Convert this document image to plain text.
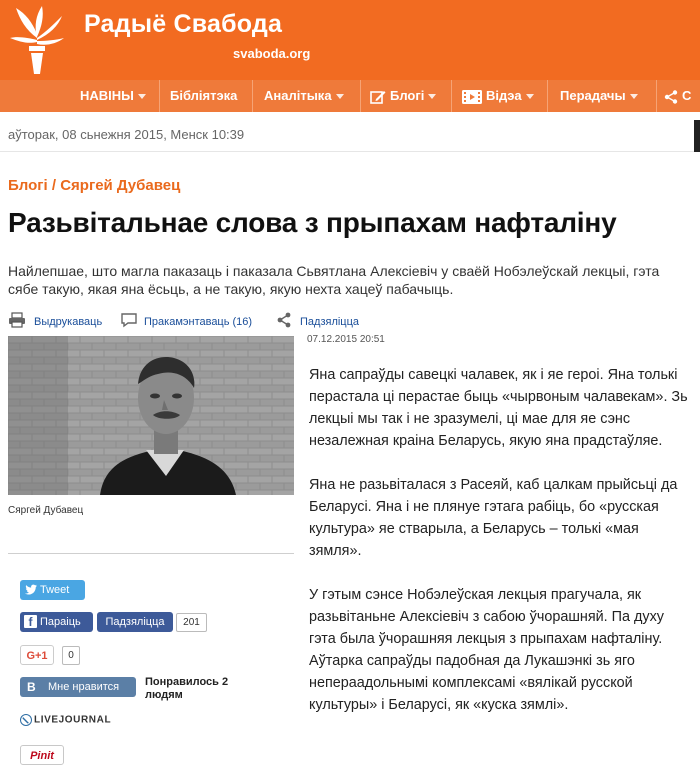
Радыё Свабода
svaboda.org
НАВІНЫ	Бібліятэка Аналітыка	Блогі	Відэа	Перадачы	С
аўторак, 08 сьнежня 2015, Менск 10:39
Блогі / Сяргей Дубавец
Разьвітальнае слова з прыпахам нафталіну
Найлепшае, што магла паказаць і паказала Сьвятлана Алексіевіч у сваёй Нобэлеўскай лекцыі, гэта сябе такую, якая яна ёсьць, а не такую, якую нехта хацеў пабачыць.
Выдрукаваць	Пракамэнтаваць (16)	Падзяліцца
Сяргей Дубавец
07.12.2015 20:51

Яна сапраўды савецкі чалавек, як і яе героі. Яна толькі перастала ці перастае быць «чырвоным чалавекам». Зь лекцыі мы так і не зразумелі, ці мае для яе сэнс незалежная краіна Беларусь, якую яна прадстаўляе.

Яна не разьвіталася з Расеяй, каб цалкам прыйсьці да Беларусі. Яна і не плянуе гэтага рабіць, бо «русская культура» яе стварыла, а Беларусь – толькі «мая зямля».

У гэтым сэнсе Нобэлеўская лекцыя прагучала, як разьвітаньне Алексіевіч з сабою ўчорашняй. Па духу гэта была ўчорашняя лекцыя з прыпахам нафталіну. Аўтарка сапраўды падобная да Лукашэнкі зь яго непераадольнымі комплексамі «вялікай русской культуры» і Беларусі, як «куска зямлі».

Tweet
f Параіць	Падзяліцца	201
G+1	0
В Мне нравится	Понравилось 2 людям
LIVEJOURNAL
Pinit
